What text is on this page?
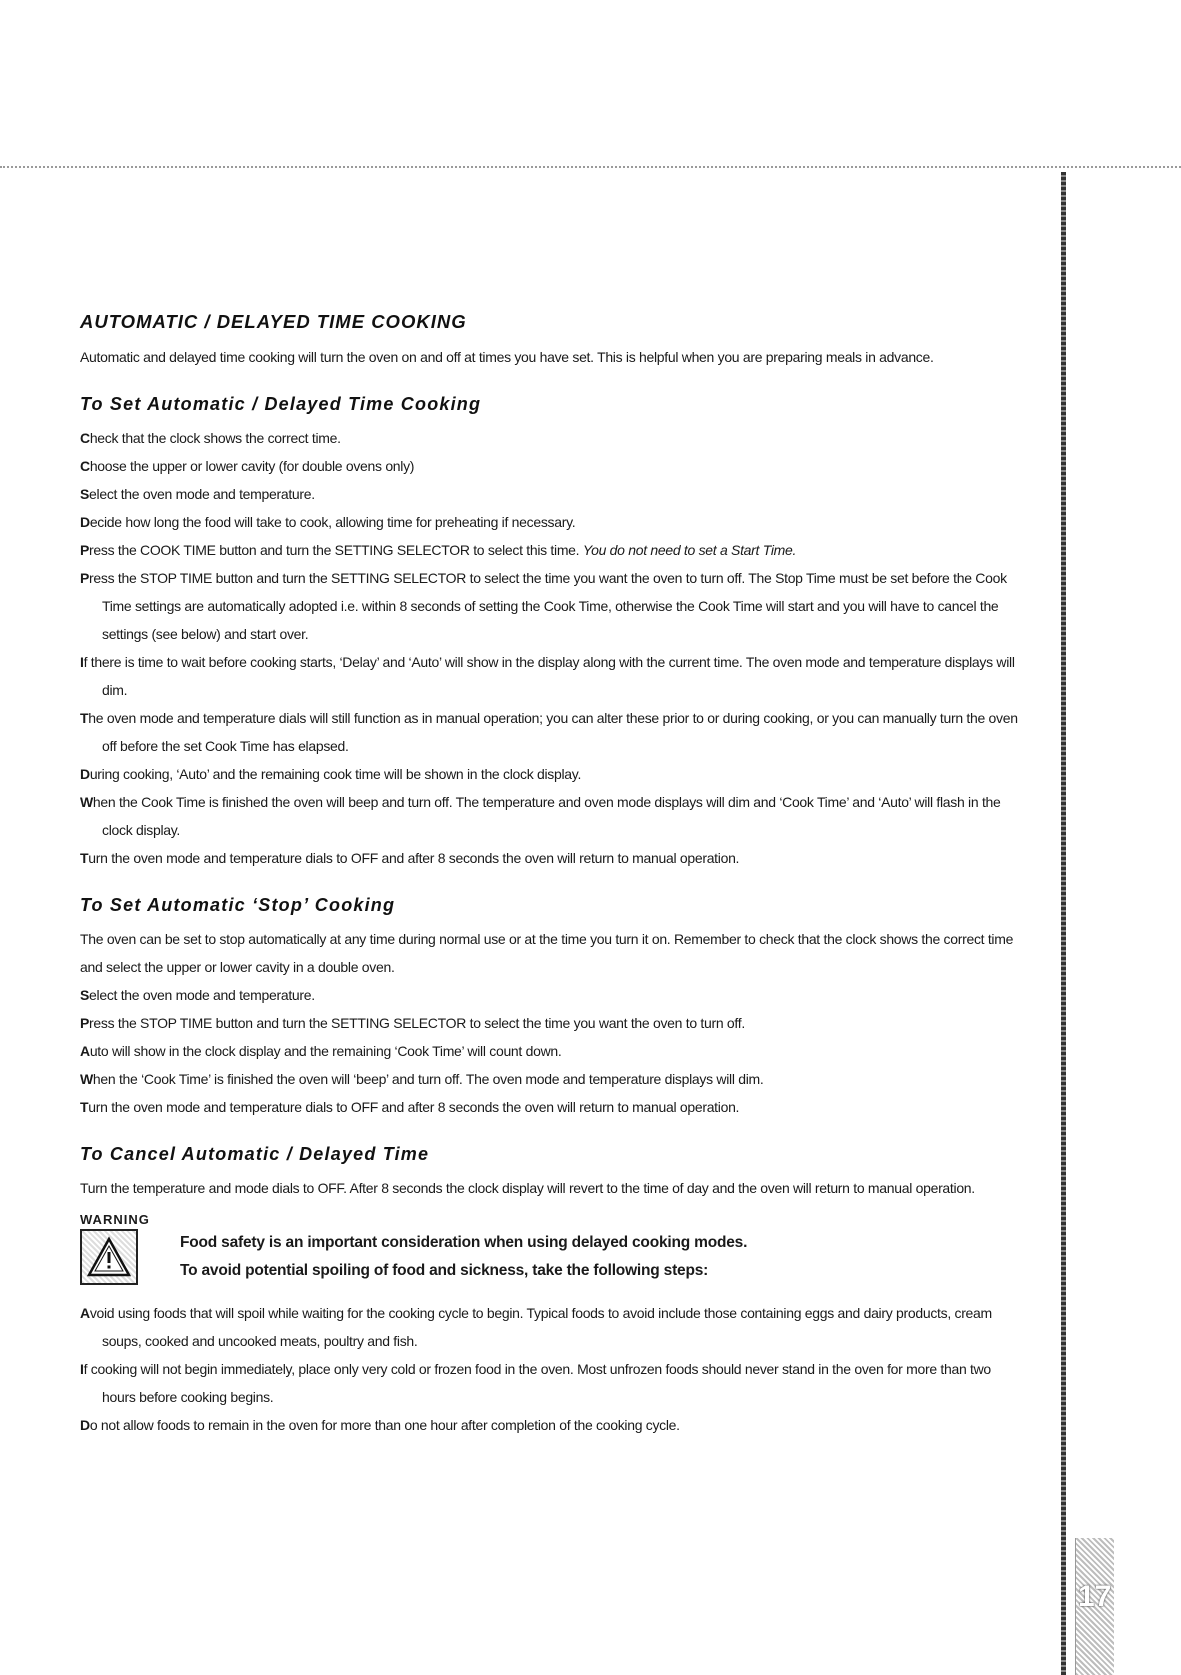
17
AUTOMATIC / DELAYED TIME COOKING

Automatic and delayed time cooking will turn the oven on and off at times you have set. This is helpful when you are preparing meals in advance.

To Set Automatic / Delayed Time Cooking
Check that the clock shows the correct time.
Choose the upper or lower cavity (for double ovens only)
Select the oven mode and temperature.
Decide how long the food will take to cook, allowing time for preheating if necessary.
Press the COOK TIME button and turn the SETTING SELECTOR to select this time. You do not need to set a Start Time.
Press the STOP TIME button and turn the SETTING SELECTOR to select the time you want the oven to turn off. The Stop Time must be set before the Cook Time settings are automatically adopted i.e. within 8 seconds of setting the Cook Time, otherwise the Cook Time will start and you will have to cancel the settings (see below) and start over.
If there is time to wait before cooking starts, ‘Delay’ and ‘Auto’ will show in the display along with the current time. The oven mode and temperature displays will dim.
The oven mode and temperature dials will still function as in manual operation; you can alter these prior to or during cooking, or you can manually turn the oven off before the set Cook Time has elapsed.
During cooking, ‘Auto’ and the remaining cook time will be shown in the clock display.
When the Cook Time is finished the oven will beep and turn off. The temperature and oven mode displays will dim and ‘Cook Time’ and ‘Auto’ will flash in the clock display.
Turn the oven mode and temperature dials to OFF and after 8 seconds the oven will return to manual operation.
To Set Automatic ‘Stop’ Cooking

The oven can be set to stop automatically at any time during normal use or at the time you turn it on. Remember to check that the clock shows the correct time and select the upper or lower cavity in a double oven.

Select the oven mode and temperature.
Press the STOP TIME button and turn the SETTING SELECTOR to select the time you want the oven to turn off.
Auto will show in the clock display and the remaining ‘Cook Time’ will count down.
When the ‘Cook Time’ is finished the oven will ‘beep’ and turn off. The oven mode and temperature displays will dim.
Turn the oven mode and temperature dials to OFF and after 8 seconds the oven will return to manual operation.
To Cancel Automatic / Delayed Time

Turn the temperature and mode dials to OFF. After 8 seconds the clock display will revert to the time of day and the oven will return to manual operation.

WARNING
Food safety is an important consideration when using delayed cooking modes.
To avoid potential spoiling of food and sickness, take the following steps:
Avoid using foods that will spoil while waiting for the cooking cycle to begin. Typical foods to avoid include those containing eggs and dairy products, cream soups, cooked and uncooked meats, poultry and fish.
If cooking will not begin immediately, place only very cold or frozen food in the oven. Most unfrozen foods should never stand in the oven for more than two hours before cooking begins.
Do not allow foods to remain in the oven for more than one hour after completion of the cooking cycle.
